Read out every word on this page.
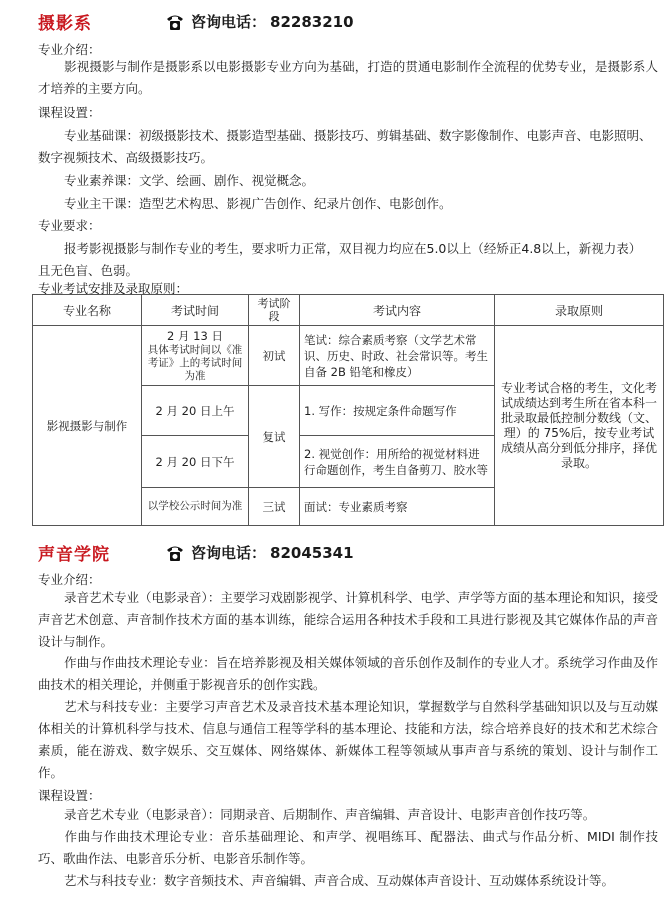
摄影系	咨询电话： 82283210
专业介绍：
影视摄影与制作是摄影系以电影摄影专业方向为基础，打造的贯通电影制作全流程的优势专业，是摄影系人才培养的主要方向。
课程设置：
专业基础课：初级摄影技术、摄影造型基础、摄影技巧、剪辑基础、数字影像制作、电影声音、电影照明、
数字视频技术、高级摄影技巧。
专业素养课：文学、绘画、剧作、视觉概念。
专业主干课：造型艺术构思、影视广告创作、纪录片创作、电影创作。
专业要求：
报考影视摄影与制作专业的考生，要求听力正常，双目视力均应在5.0以上（经矫正4.8以上，新视力表）
且无色盲、色弱。
专业考试安排及录取原则：
专业名称	考试时间	考试阶段	考试内容	录取原则
影视摄影与制作	2 月 13 日
具体考试时间以《准考证》上的考试时间为准	初试	笔试：综合素质考察（文学艺术常识、历史、时政、社会常识等。考生自备 2B 铅笔和橡皮）	专业考试合格的考生，文化考试成绩达到考生所在省本科一批录取最低控制分数线（文、理）的 75%后，按专业考试成绩从高分到低分排序，择优录取。
	2 月 20 日上午	复试	1. 写作：按规定条件命题写作	
	2 月 20 日下午		2. 视觉创作：用所给的视觉材料进行命题创作，考生自备剪刀、胶水等	
	以学校公示时间为准	三试	面试：专业素质考察	
声音学院	咨询电话： 82045341
专业介绍：
录音艺术专业（电影录音）：主要学习戏剧影视学、计算机科学、电学、声学等方面的基本理论和知识，接受声音艺术创意、声音制作技术方面的基本训练，能综合运用各种技术手段和工具进行影视及其它媒体作品的声音设计与制作。
作曲与作曲技术理论专业：旨在培养影视及相关媒体领域的音乐创作及制作的专业人才。系统学习作曲及作曲技术的相关理论，并侧重于影视音乐的创作实践。
艺术与科技专业：主要学习声音艺术及录音技术基本理论知识，掌握数学与自然科学基础知识以及与互动媒体相关的计算机科学与技术、信息与通信工程等学科的基本理论、技能和方法，综合培养良好的技术和艺术综合素质，能在游戏、数字娱乐、交互媒体、网络媒体、新媒体工程等领域从事声音与系统的策划、设计与制作工作。
课程设置：
录音艺术专业（电影录音）：同期录音、后期制作、声音编辑、声音设计、电影声音创作技巧等。
作曲与作曲技术理论专业：音乐基础理论、和声学、视唱练耳、配器法、曲式与作品分析、MIDI 制作技巧、歌曲作法、电影音乐分析、电影音乐制作等。
艺术与科技专业：数字音频技术、声音编辑、声音合成、互动媒体声音设计、互动媒体系统设计等。
